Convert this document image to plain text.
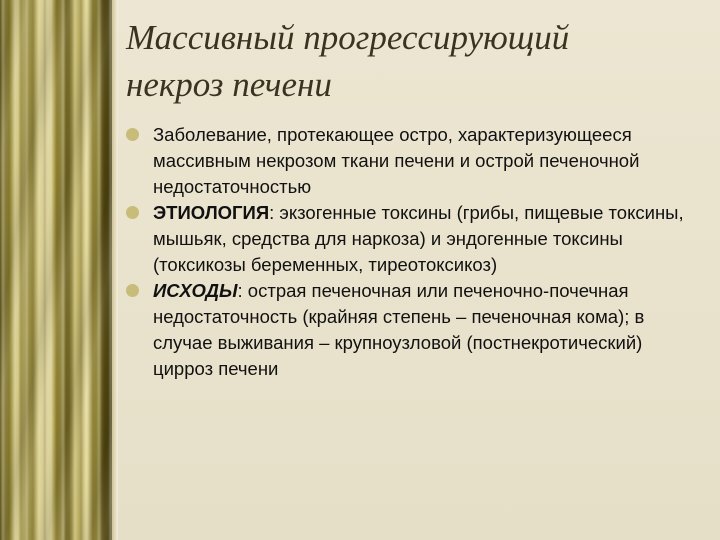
Массивный прогрессирующий
некроз печени
Заболевание, протекающее остро, характеризующееся массивным некрозом ткани печени и острой печеночной недостаточностью
ЭТИОЛОГИЯ: экзогенные токсины (грибы, пищевые токсины, мышьяк, средства для наркоза) и эндогенные токсины (токсикозы беременных, тиреотоксикоз)
ИСХОДЫ: острая печеночная или печеночно-почечная недостаточность (крайняя степень – печеночная кома); в случае выживания – крупноузловой (постнекротический) цирроз печени
